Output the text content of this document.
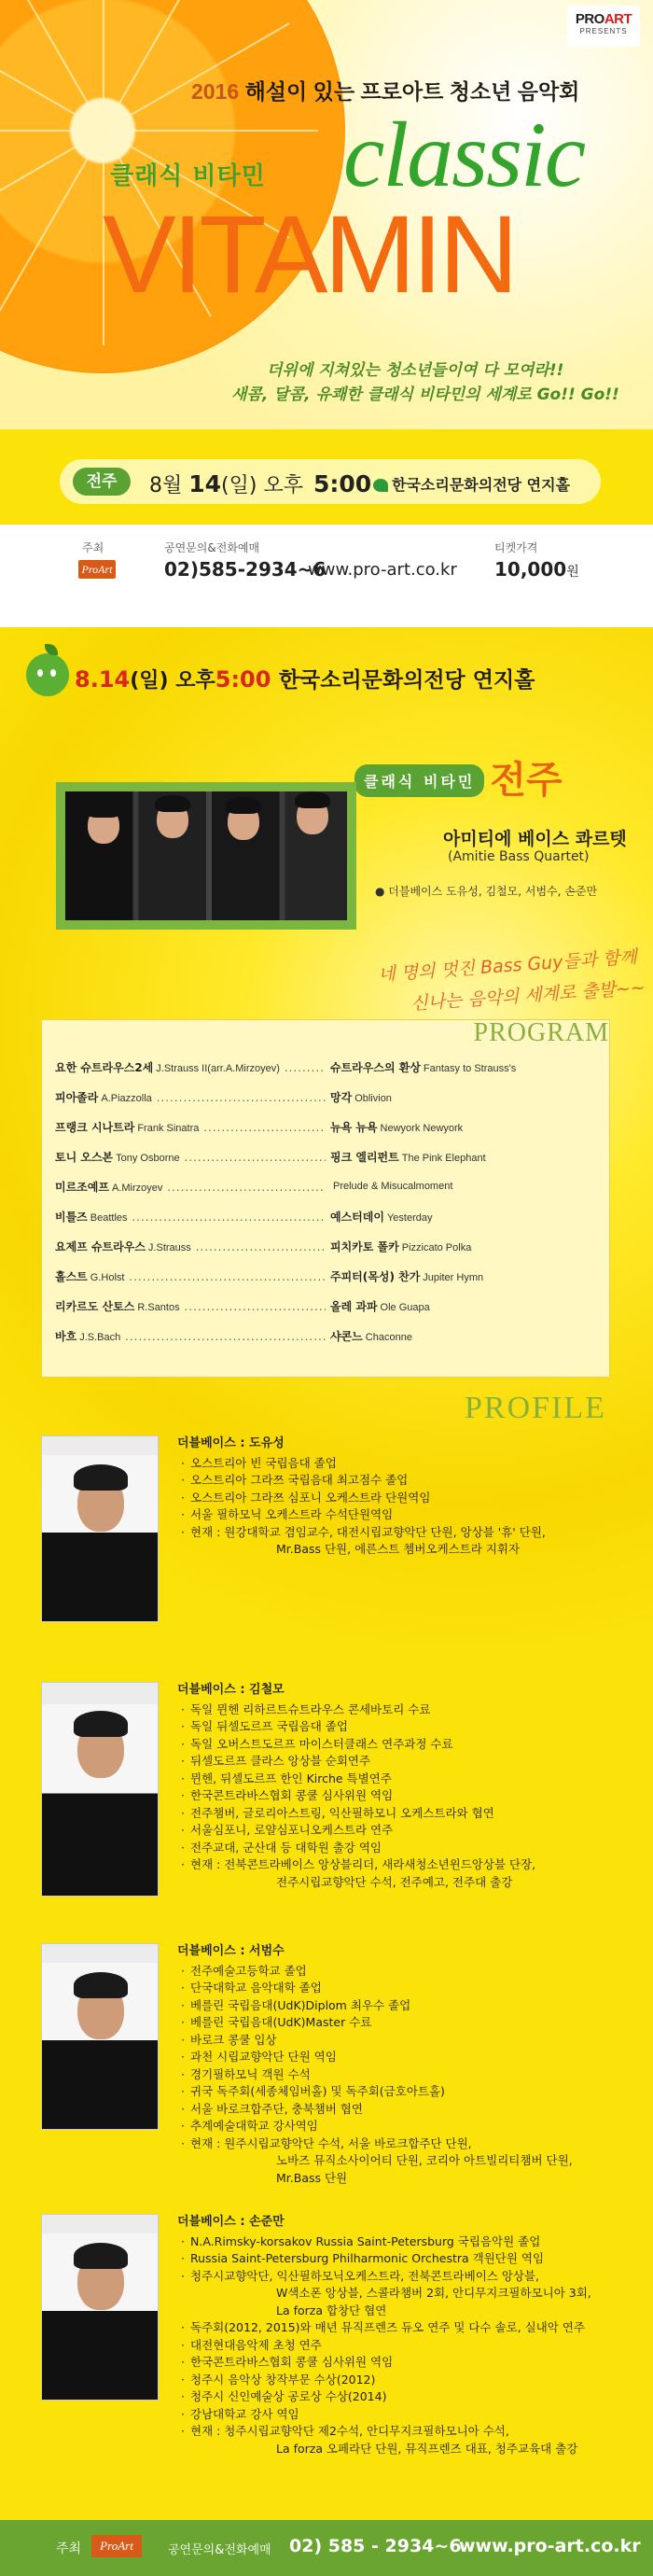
PROART
PRESENTS
2016 해설이 있는 프로아트 청소년 음악회
classic
클래식 비타민
VITAMIN
더위에 지쳐있는 청소년들이여 다 모여라!!
새콤, 달콤, 유쾌한 클래식 비타민의 세계로 Go!! Go!!
전주	8월 14(일) 오후 5:00	한국소리문화의전당 연지홀
주최
ProArt
공연문의&전화예매
02)585-2934~6
www.pro-art.co.kr
티켓가격
10,000원
8.14(일) 오후5:00 한국소리문화의전당 연지홀
클래식 비타민 전주
아미티에 베이스 콰르텟
(Amitie Bass Quartet)
● 더블베이스 도유성, 김철모, 서범수, 손준만
네 명의 멋진 Bass Guy들과 함께
신나는 음악의 세계로 출발~~
PROGRAM
요한 슈트라우스2세 J.Strauss II(arr.A.Mirzoyev) .....	슈트라우스의 환상 Fantasy to Strauss's
피아졸라 A.Piazzolla .....	망각 Oblivion
프랭크 시나트라 Frank Sinatra .....	뉴욕 뉴욕 Newyork Newyork
토니 오스본 Tony Osborne .....	핑크 엘리펀트 The Pink Elephant
미르조예프 A.Mirzoyev .....	Prelude & Misucalmoment
비틀즈 Beattles .....	예스터데이 Yesterday
요제프 슈트라우스 J.Strauss .....	피치카토 폴카 Pizzicato Polka
홀스트 G.Holst .....	주피터(목성) 찬가 Jupiter Hymn
리카르도 산토스 R.Santos .....	올레 과파 Ole Guapa
바흐 J.S.Bach .....	샤콘느 Chaconne
PROFILE
더블베이스 : 도유성
· 오스트리아 빈 국립음대 졸업
· 오스트리아 그라쯔 국립음대 최고점수 졸업
· 오스트리아 그라쯔 심포니 오케스트라 단원역임
· 서울 필하모닉 오케스트라 수석단원역임
· 현재 : 원강대학교 겸임교수, 대전시립교향악단 단원, 앙상블 '휴' 단원,
Mr.Bass 단원, 에른스트 쳄버오케스트라 지휘자
더블베이스 : 김철모
· 독일 뮌헨 리하르트슈트라우스 콘세바토리 수료
· 독일 뒤셀도르프 국립음대 졸업
· 독일 오버스트도르프 마이스터클래스 연주과정 수료
· 뒤셀도르프 클라스 앙상블 순회연주
· 뮌헨, 뒤셀도르프 한인 Kirche 특별연주
· 한국콘트라바스협회 콩쿨 심사위원 역임
· 전주챔버, 글로리아스트링, 익산필하모니 오케스트라와 협연
· 서울심포니, 로얄심포니오케스트라 연주
· 전주교대, 군산대 등 대학원 출강 역임
· 현재 : 전북콘트라베이스 앙상블리더, 새라새청소년윈드앙상블 단장,
전주시립교향악단 수석, 전주예고, 전주대 출강
더블베이스 : 서범수
· 전주예술고등학교 졸업
· 단국대학교 음악대학 졸업
· 베를린 국립음대(UdK)Diplom 최우수 졸업
· 베를린 국립음대(UdK)Master 수료
· 바로크 콩쿨 입상
· 과천 시립교향악단 단원 역임
· 경기필하모닉 객원 수석
· 귀국 독주회(세종체임버홀) 및 독주회(금호아트홀)
· 서울 바로크합주단, 충북챔버 협연
· 추계예술대학교 강사역임
· 현재 : 원주시립교향악단 수석, 서울 바로크합주단 단원,
노바즈 뮤직소사이어티 단원, 코리아 아트빌리티챔버 단원, Mr.Bass 단원
더블베이스 : 손준만
· N.A.Rimsky-korsakov Russia Saint-Petersburg 국립음악원 졸업
· Russia Saint-Petersburg Philharmonic Orchestra 객원단원 역임
· 청주시교향악단, 익산필하모닉오케스트라, 전북콘트라베이스 앙상블,
W색소폰 앙상블, 스콜라챔버 2회, 안디무지크필하모니아 3회,
La forza 합창단 협연
· 독주회(2012, 2015)와 매년 뮤직프렌즈 듀오 연주 및 다수 솔로, 실내악 연주
· 대전현대음악제 초청 연주
· 한국콘트라바스협회 콩쿨 심사위원 역임
· 청주시 음악상 창작부문 수상(2012)
· 청주시 신인예술상 공로상 수상(2014)
· 강남대학교 강사 역임
· 현재 : 청주시립교향악단 제2수석, 안디무지크필하모니아 수석,
La forza 오페라단 단원, 뮤직프렌즈 대표, 청주교육대 출강
주최	ProArt	공연문의&전화예매 02) 585 - 2934~6
www.pro-art.co.kr
